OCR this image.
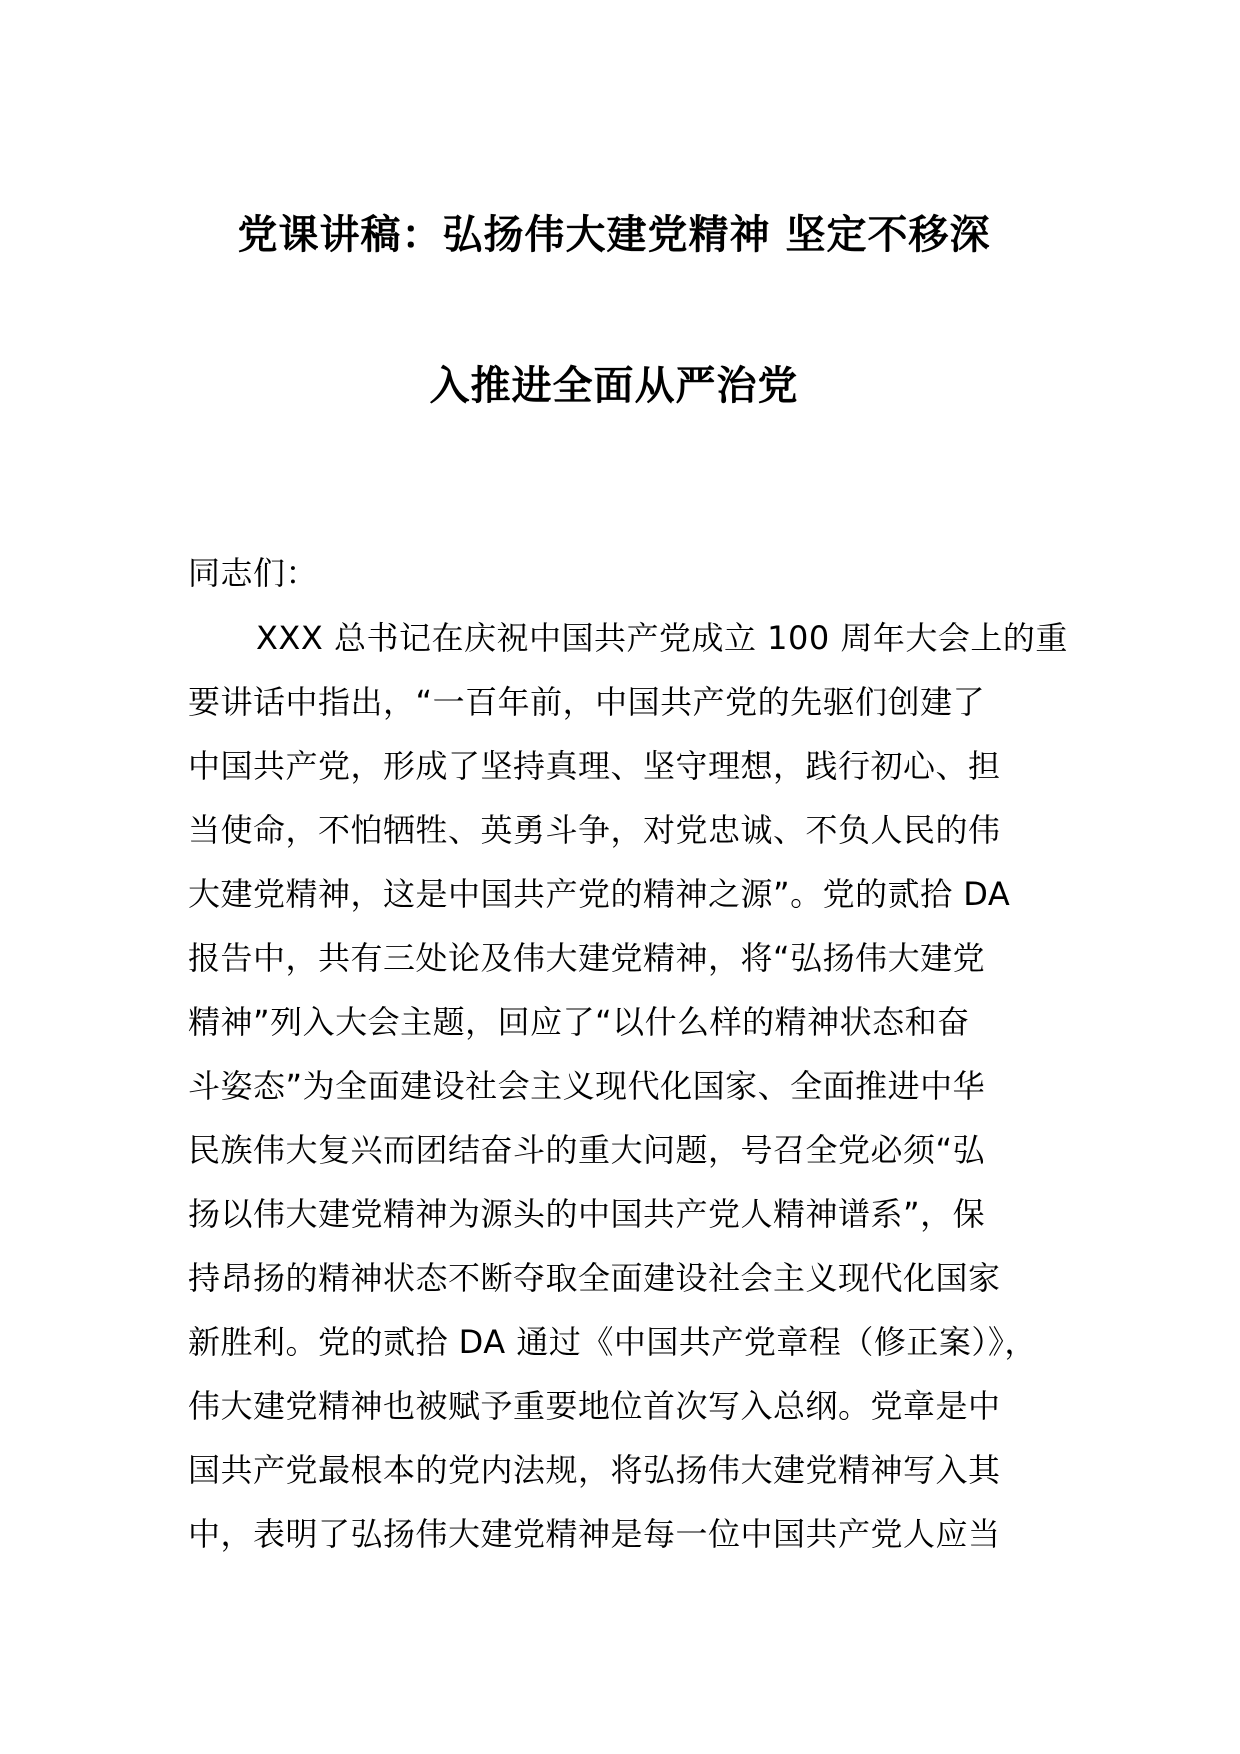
党课讲稿：弘扬伟大建党精神 坚定不移深
入推进全面从严治党
同志们：
XXX 总书记在庆祝中国共产党成立 100 周年大会上的重
要讲话中指出，“一百年前，中国共产党的先驱们创建了
中国共产党，形成了坚持真理、坚守理想，践行初心、担
当使命，不怕牺牲、英勇斗争，对党忠诚、不负人民的伟
大建党精神，这是中国共产党的精神之源”。党的贰拾 DA
报告中，共有三处论及伟大建党精神，将“弘扬伟大建党
精神”列入大会主题，回应了“以什么样的精神状态和奋
斗姿态”为全面建设社会主义现代化国家、全面推进中华
民族伟大复兴而团结奋斗的重大问题，号召全党必须“弘
扬以伟大建党精神为源头的中国共产党人精神谱系”，保
持昂扬的精神状态不断夺取全面建设社会主义现代化国家
新胜利。党的贰拾 DA 通过《中国共产党章程（修正案）》，
伟大建党精神也被赋予重要地位首次写入总纲。党章是中
国共产党最根本的党内法规，将弘扬伟大建党精神写入其
中，表明了弘扬伟大建党精神是每一位中国共产党人应当
